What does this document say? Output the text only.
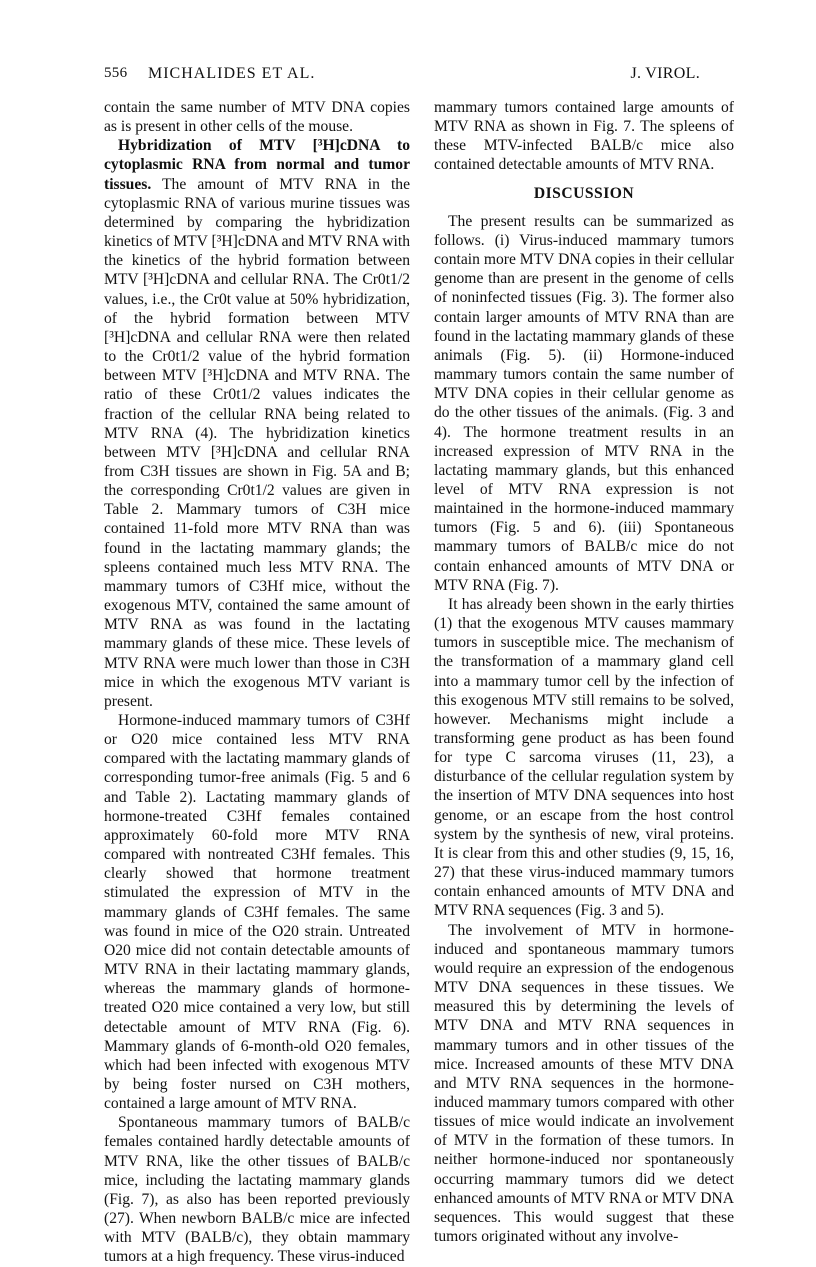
556 MICHALIDES ET AL.	J. VIROL.

contain the same number of MTV DNA copies as is present in other cells of the mouse.

Hybridization of MTV [³H]cDNA to cytoplasmic RNA from normal and tumor tissues. The amount of MTV RNA in the cytoplasmic RNA of various murine tissues was determined by comparing the hybridization kinetics of MTV [³H]cDNA and MTV RNA with the kinetics of the hybrid formation between MTV [³H]cDNA and cellular RNA. The Cr0t1/2 values, i.e., the Cr0t value at 50% hybridization, of the hybrid formation between MTV [³H]cDNA and cellular RNA were then related to the Cr0t1/2 value of the hybrid formation between MTV [³H]cDNA and MTV RNA. The ratio of these Cr0t1/2 values indicates the fraction of the cellular RNA being related to MTV RNA (4). The hybridization kinetics between MTV [³H]cDNA and cellular RNA from C3H tissues are shown in Fig. 5A and B; the corresponding Cr0t1/2 values are given in Table 2. Mammary tumors of C3H mice contained 11-fold more MTV RNA than was found in the lactating mammary glands; the spleens contained much less MTV RNA. The mammary tumors of C3Hf mice, without the exogenous MTV, contained the same amount of MTV RNA as was found in the lactating mammary glands of these mice. These levels of MTV RNA were much lower than those in C3H mice in which the exogenous MTV variant is present.

Hormone-induced mammary tumors of C3Hf or O20 mice contained less MTV RNA compared with the lactating mammary glands of corresponding tumor-free animals (Fig. 5 and 6 and Table 2). Lactating mammary glands of hormone-treated C3Hf females contained approximately 60-fold more MTV RNA compared with nontreated C3Hf females. This clearly showed that hormone treatment stimulated the expression of MTV in the mammary glands of C3Hf females. The same was found in mice of the O20 strain. Untreated O20 mice did not contain detectable amounts of MTV RNA in their lactating mammary glands, whereas the mammary glands of hormone-treated O20 mice contained a very low, but still detectable amount of MTV RNA (Fig. 6). Mammary glands of 6-month-old O20 females, which had been infected with exogenous MTV by being foster nursed on C3H mothers, contained a large amount of MTV RNA.

Spontaneous mammary tumors of BALB/c females contained hardly detectable amounts of MTV RNA, like the other tissues of BALB/c mice, including the lactating mammary glands (Fig. 7), as also has been reported previously (27). When newborn BALB/c mice are infected with MTV (BALB/c), they obtain mammary tumors at a high frequency. These virus-induced

mammary tumors contained large amounts of MTV RNA as shown in Fig. 7. The spleens of these MTV-infected BALB/c mice also contained detectable amounts of MTV RNA.

DISCUSSION

The present results can be summarized as follows. (i) Virus-induced mammary tumors contain more MTV DNA copies in their cellular genome than are present in the genome of cells of noninfected tissues (Fig. 3). The former also contain larger amounts of MTV RNA than are found in the lactating mammary glands of these animals (Fig. 5). (ii) Hormone-induced mammary tumors contain the same number of MTV DNA copies in their cellular genome as do the other tissues of the animals. (Fig. 3 and 4). The hormone treatment results in an increased expression of MTV RNA in the lactating mammary glands, but this enhanced level of MTV RNA expression is not maintained in the hormone-induced mammary tumors (Fig. 5 and 6). (iii) Spontaneous mammary tumors of BALB/c mice do not contain enhanced amounts of MTV DNA or MTV RNA (Fig. 7).

It has already been shown in the early thirties (1) that the exogenous MTV causes mammary tumors in susceptible mice. The mechanism of the transformation of a mammary gland cell into a mammary tumor cell by the infection of this exogenous MTV still remains to be solved, however. Mechanisms might include a transforming gene product as has been found for type C sarcoma viruses (11, 23), a disturbance of the cellular regulation system by the insertion of MTV DNA sequences into host genome, or an escape from the host control system by the synthesis of new, viral proteins. It is clear from this and other studies (9, 15, 16, 27) that these virus-induced mammary tumors contain enhanced amounts of MTV DNA and MTV RNA sequences (Fig. 3 and 5).

The involvement of MTV in hormone-induced and spontaneous mammary tumors would require an expression of the endogenous MTV DNA sequences in these tissues. We measured this by determining the levels of MTV DNA and MTV RNA sequences in mammary tumors and in other tissues of the mice. Increased amounts of these MTV DNA and MTV RNA sequences in the hormone-induced mammary tumors compared with other tissues of mice would indicate an involvement of MTV in the formation of these tumors. In neither hormone-induced nor spontaneously occurring mammary tumors did we detect enhanced amounts of MTV RNA or MTV DNA sequences. This would suggest that these tumors originated without any involve-
